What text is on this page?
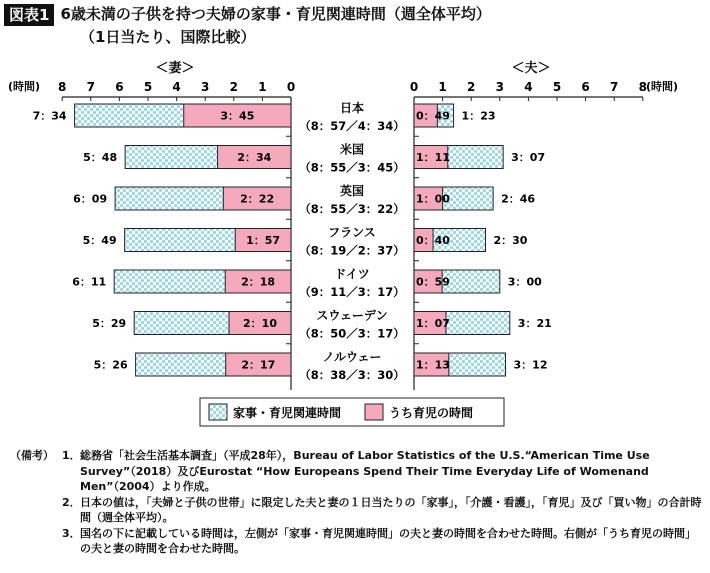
図表1 6歳未満の子供を持つ夫婦の家事・育児関連時間（週全体平均）
（1日当たり、国際比較）
＜妻＞	＜夫＞
(時間)	(時間)
0	0
1	1
2	2
3	3
4	4
5	5
6	6
7	7
8	8
7：34	3：45	0：49 1：23
日本
（8：57／4：34）
5：48	2：34	1：11	3：07
米国
（8：55／3：45）
6：09	2：22	1：00	2：46
英国
（8：55／3：22）
5：49	1：57	0：40	2：30
フランス
（8：19／2：37）
6：11	2：18	0：59	3：00
ドイツ
（9：11／3：17）
5：29	2：10	1：07	3：21
スウェーデン
（8：50／3：17）
5：26	2：17	1：13	3：12
ノルウェー
（8：38／3：30）
家事・育児関連時間	うち育児の時間
（備考） 1． 総務省「社会生活基本調査」（平成28年），Bureau of Labor Statistics of the U.S.“American Time Use Survey”（2018）及びEurostat “How Europeans Spend Their Time Everyday Life of Womenand Men”（2004）より作成。
2． 日本の値は，「夫婦と子供の世帯」に限定した夫と妻の１日当たりの「家事」，「介護・看護」，「育児」及び「買い物」の合計時間（週全体平均）。
3． 国名の下に記載している時間は，左側が「家事・育児関連時間」の夫と妻の時間を合わせた時間。右側が「うち育児の時間」の夫と妻の時間を合わせた時間。
